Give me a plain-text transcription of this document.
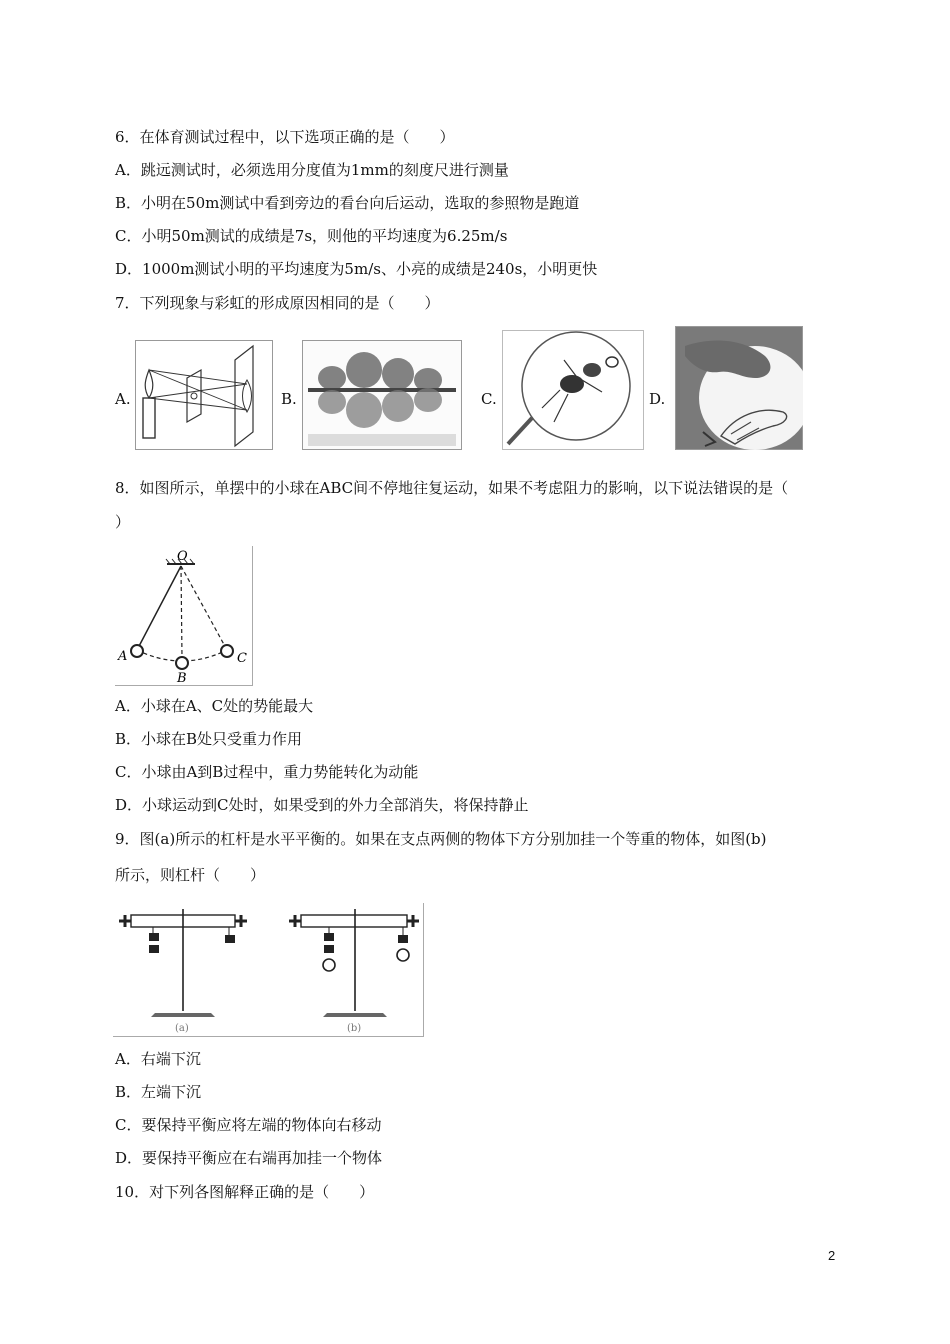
6．在体育测试过程中，以下选项正确的是（　　）
A．跳远测试时，必须选用分度值为1mm的刻度尺进行测量
B．小明在50m测试中看到旁边的看台向后运动，选取的参照物是跑道
C．小明50m测试的成绩是7s，则他的平均速度为6.25m/s
D．1000m测试小明的平均速度为5m/s、小亮的成绩是240s，小明更快
7．下列现象与彩虹的形成原因相同的是（　　）
A.	B.	C.	D.
8．如图所示，单摆中的小球在ABC间不停地往复运动，如果不考虑阻力的影响，以下说法错误的是（
）
O
A
B
C
A．小球在A、C处的势能最大
B．小球在B处只受重力作用
C．小球由A到B过程中，重力势能转化为动能
D．小球运动到C处时，如果受到的外力全部消失，将保持静止
9．图(a)所示的杠杆是水平平衡的。如果在支点两侧的物体下方分别加挂一个等重的物体，如图(b)
所示，则杠杆（　　）
(a)	(b)
A．右端下沉
B．左端下沉
C．要保持平衡应将左端的物体向右移动
D．要保持平衡应在右端再加挂一个物体
10．对下列各图解释正确的是（　　）
2
